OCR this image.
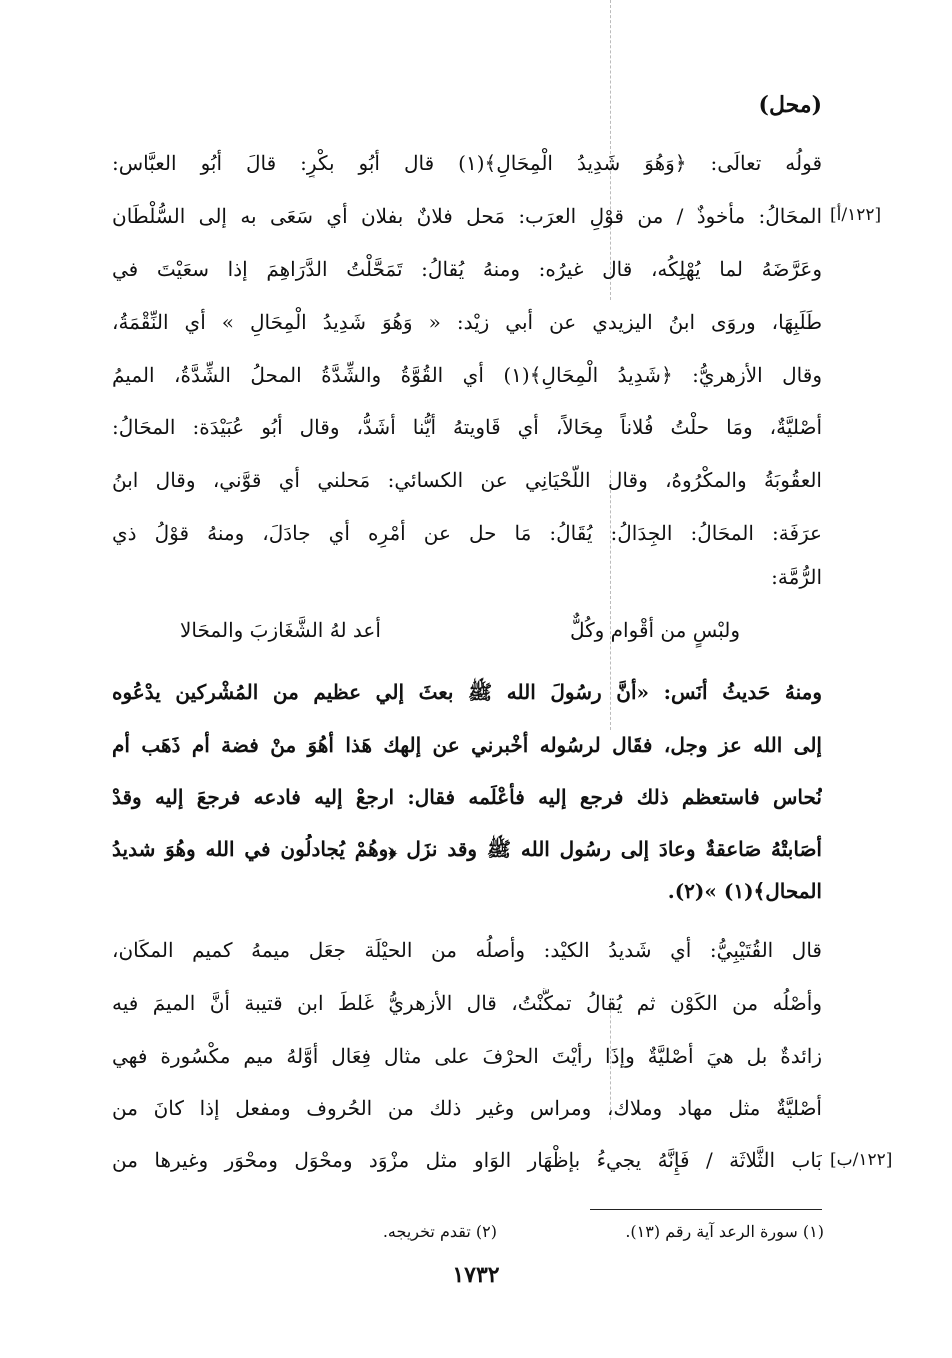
(محل)
قولُه تعالَى: ﴿وَهُوَ شَدِيدُ الْمِحَالِ﴾(١) قال أبُو بكْرٍ: قالَ أبُو العبَّاس:
المحَالُ: مأخوذٌ / من قوْلِ العرَب: مَحل فلانٌ بفلان أي سَعَى به إلى السُّلْطَان
وعَرَّضَهُ لما يُهْلِكُه، قال غيرُه: ومنهُ يُقالُ: تَمَحَّلْتُ الدَّرَاهِمَ إذا سعَيْتَ في
طَلَبِهَا، وروَى ابنُ اليزيدي عن أبي زيْد: « وَهُوَ شَدِيدُ الْمِحَالِ » أي النِّقْمَةُ،
وقال الأزهريُّ: ﴿شَدِيدُ الْمِحَالِ﴾(١) أي القُوَّةُ والشِّدَّةُ المحلُ الشِّدَّةُ، الميمُ
أصْليَّةٌ، ومَا حلْتُ فُلاناً مِحَالاً، أي قَاويتهُ أيُّنا أشَدُّ، وقال أبُو عُبَيْدَة: المحَالُ:
العقُوبَةُ والمكْرُوهُ، وقال اللَّحْيَانِي عن الكسائي: مَحلني أي قوَّني، وقال ابنُ
عرَفَة: المحَالُ: الجِدَالُ: يُقَالُ: مَا حل عن أمْرِه أي جادَلَ، ومنهُ قوْلُ ذي
الرُّمَّة:
[١٢٢/أ]
ولبْسٍ من أقْوام وكُلٌّ
أعد لهُ الشَّغَازبَ والمحَالا
ومنهُ حَديثُ أنَس: «أنَّ رسُولَ الله ﷺ بعثَ إلي عظيم من المُشْركين يدْعُوه
إلى الله عز وجل، فقَال لرسُوله أخْبرني عن إلهك هَذا أهُوَ منْ فضة أم ذَهَب أم
نُحاس فاستعظم ذلك فرجع إليه فأعْلَمه فقال: ارجعْ إليه فادعه فرجعَ إليه وقدْ
أصَابتْهُ صَاعقةٌ وعادَ إلى رسُول الله ﷺ وقد نزَل ﴿وهُمْ يُجادلُون في الله وهُوَ شديدُ
المحال﴾(١) »(٢).
قال القُتَيْبِيُّ: أي شَديدُ الكيْد: وأصلُه من الحيْلَة جعَل ميمهُ كميم المكَان،
وأصْلُه من الكَوْن ثم يُقالُ تمكَّنْتُ، قال الأزهريُّ غَلطَ ابن قتيبة أنَّ الميمَ فيه
زائدةٌ بل هيَ أصْليَّةٌ وإذَا رأيْتَ الحرْفَ على مثال فِعَال أوَّلهُ ميم مكْسُورة فهي
أصْليَّةٌ مثل مهاد وملاك، ومراس وغير ذلك من الحُروف ومفعل إذا كانَ من
بَاب الثَّلاثَة / فَإِنَّهُ يجيءُ بإظْهَار الوَاو مثل مزْوَد ومحْوَل ومحْوَر وغيرها من [١٢٢/ب]
(١) سورة الرعد آية رقم (١٣).
(٢) تقدم تخريجه.
١٧٣٢
